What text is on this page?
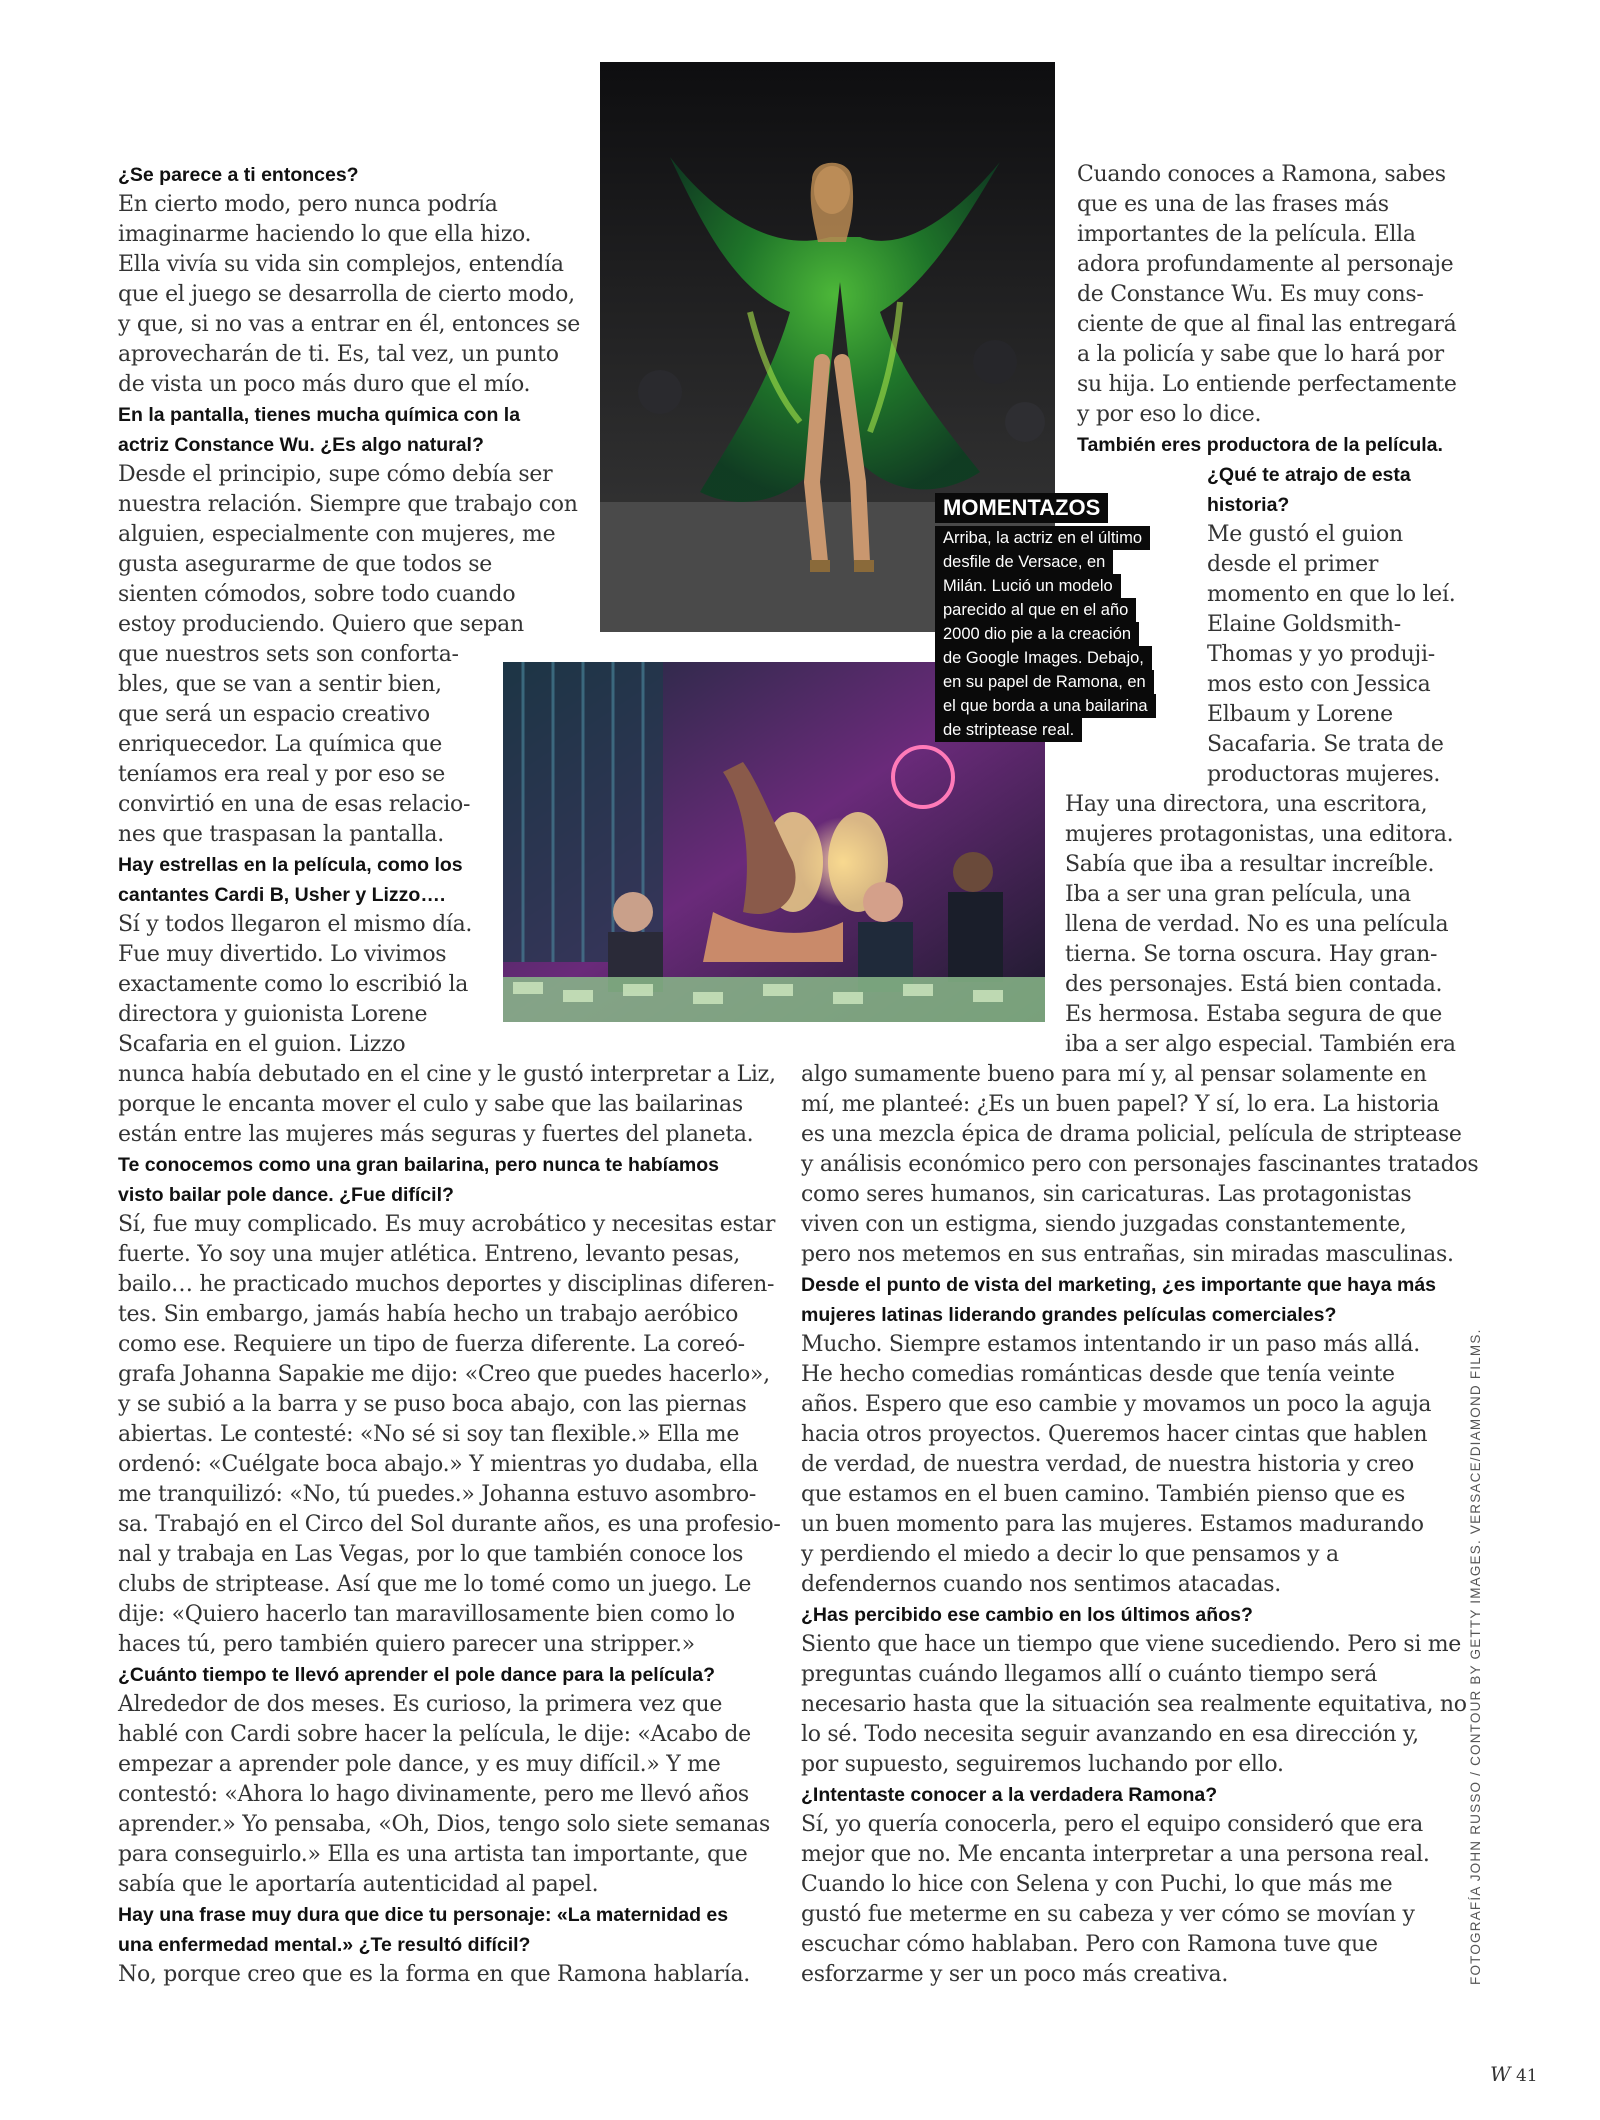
¿Se parece a ti entonces?

En cierto modo, pero nunca podría

imaginarme haciendo lo que ella hizo.

Ella vivía su vida sin complejos, entendía

que el juego se desarrolla de cierto modo,

y que, si no vas a entrar en él, entonces se

aprovecharán de ti. Es, tal vez, un punto

de vista un poco más duro que el mío.

En la pantalla, tienes mucha química con la

actriz Constance Wu. ¿Es algo natural?

Desde el principio, supe cómo debía ser

nuestra relación. Siempre que trabajo con

alguien, especialmente con mujeres, me

gusta asegurarme de que todos se

sienten cómodos, sobre todo cuando

estoy produciendo. Quiero que sepan

que nuestros sets son conforta-

bles, que se van a sentir bien,

que será un espacio creativo

enriquecedor. La química que

teníamos era real y por eso se

convirtió en una de esas relacio-

nes que traspasan la pantalla.

Hay estrellas en la película, como los

cantantes Cardi B, Usher y Lizzo….

Sí y todos llegaron el mismo día.

Fue muy divertido. Lo vivimos

exactamente como lo escribió la

directora y guionista Lorene

Scafaria en el guion. Lizzo

nunca había debutado en el cine y le gustó interpretar a Liz,

porque le encanta mover el culo y sabe que las bailarinas

están entre las mujeres más seguras y fuertes del planeta.

Te conocemos como una gran bailarina, pero nunca te habíamos

visto bailar pole dance. ¿Fue difícil?

Sí, fue muy complicado. Es muy acrobático y necesitas estar

fuerte. Yo soy una mujer atlética. Entreno, levanto pesas,

bailo… he practicado muchos deportes y disciplinas diferen-

tes. Sin embargo, jamás había hecho un trabajo aeróbico

como ese. Requiere un tipo de fuerza diferente. La coreó-

grafa Johanna Sapakie me dijo: «Creo que puedes hacerlo»,

y se subió a la barra y se puso boca abajo, con las piernas

abiertas. Le contesté: «No sé si soy tan flexible.» Ella me

ordenó: «Cuélgate boca abajo.» Y mientras yo dudaba, ella

me tranquilizó: «No, tú puedes.» Johanna estuvo asombro-

sa. Trabajó en el Circo del Sol durante años, es una profesio-

nal y trabaja en Las Vegas, por lo que también conoce los

clubs de striptease. Así que me lo tomé como un juego. Le

dije: «Quiero hacerlo tan maravillosamente bien como lo

haces tú, pero también quiero parecer una stripper.»

¿Cuánto tiempo te llevó aprender el pole dance para la película?

Alrededor de dos meses. Es curioso, la primera vez que

hablé con Cardi sobre hacer la película, le dije: «Acabo de

empezar a aprender pole dance, y es muy difícil.» Y me

contestó: «Ahora lo hago divinamente, pero me llevó años

aprender.» Yo pensaba, «Oh, Dios, tengo solo siete semanas

para conseguirlo.» Ella es una artista tan importante, que

sabía que le aportaría autenticidad al papel.

Hay una frase muy dura que dice tu personaje: «La maternidad es

una enfermedad mental.» ¿Te resultó difícil?

No, porque creo que es la forma en que Ramona hablaría.

Cuando conoces a Ramona, sabes

que es una de las frases más

importantes de la película. Ella

adora profundamente al personaje

de Constance Wu. Es muy cons-

ciente de que al final las entregará

a la policía y sabe que lo hará por

su hija. Lo entiende perfectamente

y por eso lo dice.

También eres productora de la película.

¿Qué te atrajo de esta

historia?

Me gustó el guion

desde el primer

momento en que lo leí.

Elaine Goldsmith-

Thomas y yo produji-

mos esto con Jessica

Elbaum y Lorene

Sacafaria. Se trata de

productoras mujeres.

Hay una directora, una escritora,

mujeres protagonistas, una editora.

Sabía que iba a resultar increíble.

Iba a ser una gran película, una

llena de verdad. No es una película

tierna. Se torna oscura. Hay gran-

des personajes. Está bien contada.

Es hermosa. Estaba segura de que

iba a ser algo especial. También era

algo sumamente bueno para mí y, al pensar solamente en

mí, me planteé: ¿Es un buen papel? Y sí, lo era. La historia

es una mezcla épica de drama policial, película de striptease

y análisis económico pero con personajes fascinantes tratados

como seres humanos, sin caricaturas. Las protagonistas

viven con un estigma, siendo juzgadas constantemente,

pero nos metemos en sus entrañas, sin miradas masculinas.

Desde el punto de vista del marketing, ¿es importante que haya más

mujeres latinas liderando grandes películas comerciales?

Mucho. Siempre estamos intentando ir un paso más allá.

He hecho comedias románticas desde que tenía veinte

años. Espero que eso cambie y movamos un poco la aguja

hacia otros proyectos. Queremos hacer cintas que hablen

de verdad, de nuestra verdad, de nuestra historia y creo

que estamos en el buen camino. También pienso que es

un buen momento para las mujeres. Estamos madurando

y perdiendo el miedo a decir lo que pensamos y a

defendernos cuando nos sentimos atacadas.

¿Has percibido ese cambio en los últimos años?

Siento que hace un tiempo que viene sucediendo. Pero si me

preguntas cuándo llegamos allí o cuánto tiempo será

necesario hasta que la situación sea realmente equitativa, no

lo sé. Todo necesita seguir avanzando en esa dirección y,

por supuesto, seguiremos luchando por ello.

¿Intentaste conocer a la verdadera Ramona?

Sí, yo quería conocerla, pero el equipo consideró que era

mejor que no. Me encanta interpretar a una persona real.

Cuando lo hice con Selena y con Puchi, lo que más me

gustó fue meterme en su cabeza y ver cómo se movían y

escuchar cómo hablaban. Pero con Ramona tuve que

esforzarme y ser un poco más creativa.

MOMENTAZOS
Arriba, la actriz en el último
desfile de Versace, en
Milán. Lució un modelo
parecido al que en el año
2000 dio pie a la creación
de Google Images. Debajo,
en su papel de Ramona, en
el que borda a una bailarina
de striptease real.
FOTOGRAFÍA JOHN RUSSO / CONTOUR BY GETTY IMAGES. VERSACE/DIAMOND FILMS.
W 41
